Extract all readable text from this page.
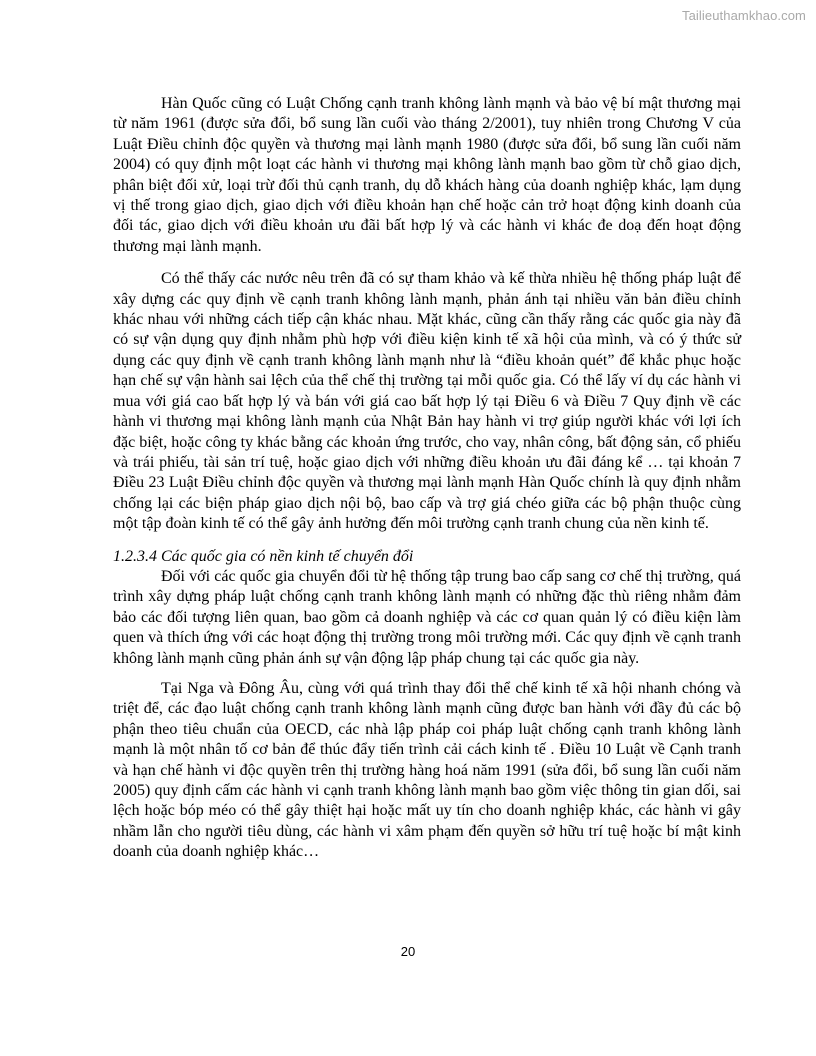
Tailieuthamkhao.com

Hàn Quốc cũng có Luật Chống cạnh tranh không lành mạnh và bảo vệ bí mật thương mại từ năm 1961 (được sửa đổi, bổ sung lần cuối vào tháng 2/2001), tuy nhiên trong Chương V của Luật Điều chỉnh độc quyền và thương mại lành mạnh 1980 (được sửa đổi, bổ sung lần cuối năm 2004) có quy định một loạt các hành vi thương mại không lành mạnh bao gồm từ chỗ giao dịch, phân biệt đối xử, loại trừ đối thủ cạnh tranh, dụ dỗ khách hàng của doanh nghiệp khác, lạm dụng vị thế trong giao dịch, giao dịch với điều khoản hạn chế hoặc cản trở hoạt động kinh doanh của đối tác, giao dịch với điều khoản ưu đãi bất hợp lý và các hành vi khác đe doạ đến hoạt động thương mại lành mạnh.

Có thể thấy các nước nêu trên đã có sự tham khảo và kế thừa nhiều hệ thống pháp luật để xây dựng các quy định về cạnh tranh không lành mạnh, phản ánh tại nhiều văn bản điều chỉnh khác nhau với những cách tiếp cận khác nhau. Mặt khác, cũng cần thấy rằng các quốc gia này đã có sự vận dụng quy định nhằm phù hợp với điều kiện kinh tế xã hội của mình, và có ý thức sử dụng các quy định về cạnh tranh không lành mạnh như là “điều khoản quét” để khắc phục hoặc hạn chế sự vận hành sai lệch của thể chế thị trường tại mỗi quốc gia. Có thể lấy ví dụ các hành vi mua với giá cao bất hợp lý và bán với giá cao bất hợp lý tại Điều 6 và Điều 7 Quy định về các hành vi thương mại không lành mạnh của Nhật Bản hay hành vi trợ giúp người khác với lợi ích đặc biệt, hoặc công ty khác bằng các khoản ứng trước, cho vay, nhân công, bất động sản, cổ phiếu và trái phiếu, tài sản trí tuệ, hoặc giao dịch với những điều khoản ưu đãi đáng kể … tại khoản 7 Điều 23 Luật Điều chỉnh độc quyền và thương mại lành mạnh Hàn Quốc chính là quy định nhằm chống lại các biện pháp giao dịch nội bộ, bao cấp và trợ giá chéo giữa các bộ phận thuộc cùng một tập đoàn kinh tế có thể gây ảnh hưởng đến môi trường cạnh tranh chung của nền kinh tế.

1.2.3.4 Các quốc gia có nền kinh tế chuyển đổi

Đối với các quốc gia chuyển đổi từ hệ thống tập trung bao cấp sang cơ chế thị trường, quá trình xây dựng pháp luật chống cạnh tranh không lành mạnh có những đặc thù riêng nhằm đảm bảo các đối tượng liên quan, bao gồm cả doanh nghiệp và các cơ quan quản lý có điều kiện làm quen và thích ứng với các hoạt động thị trường trong môi trường mới. Các quy định về cạnh tranh không lành mạnh cũng phản ánh sự vận động lập pháp chung tại các quốc gia này.

Tại Nga và Đông Âu, cùng với quá trình thay đổi thể chế kinh tế xã hội nhanh chóng và triệt để, các đạo luật chống cạnh tranh không lành mạnh cũng được ban hành với đầy đủ các bộ phận theo tiêu chuẩn của OECD, các nhà lập pháp coi pháp luật chống cạnh tranh không lành mạnh là một nhân tố cơ bản để thúc đẩy tiến trình cải cách kinh tế . Điều 10 Luật về Cạnh tranh và hạn chế hành vi độc quyền trên thị trường hàng hoá năm 1991 (sửa đổi, bổ sung lần cuối năm 2005) quy định cấm các hành vi cạnh tranh không lành mạnh bao gồm việc thông tin gian dối, sai lệch hoặc bóp méo có thể gây thiệt hại hoặc mất uy tín cho doanh nghiệp khác, các hành vi gây nhầm lẫn cho người tiêu dùng, các hành vi xâm phạm đến quyền sở hữu trí tuệ hoặc bí mật kinh doanh của doanh nghiệp khác…

20
